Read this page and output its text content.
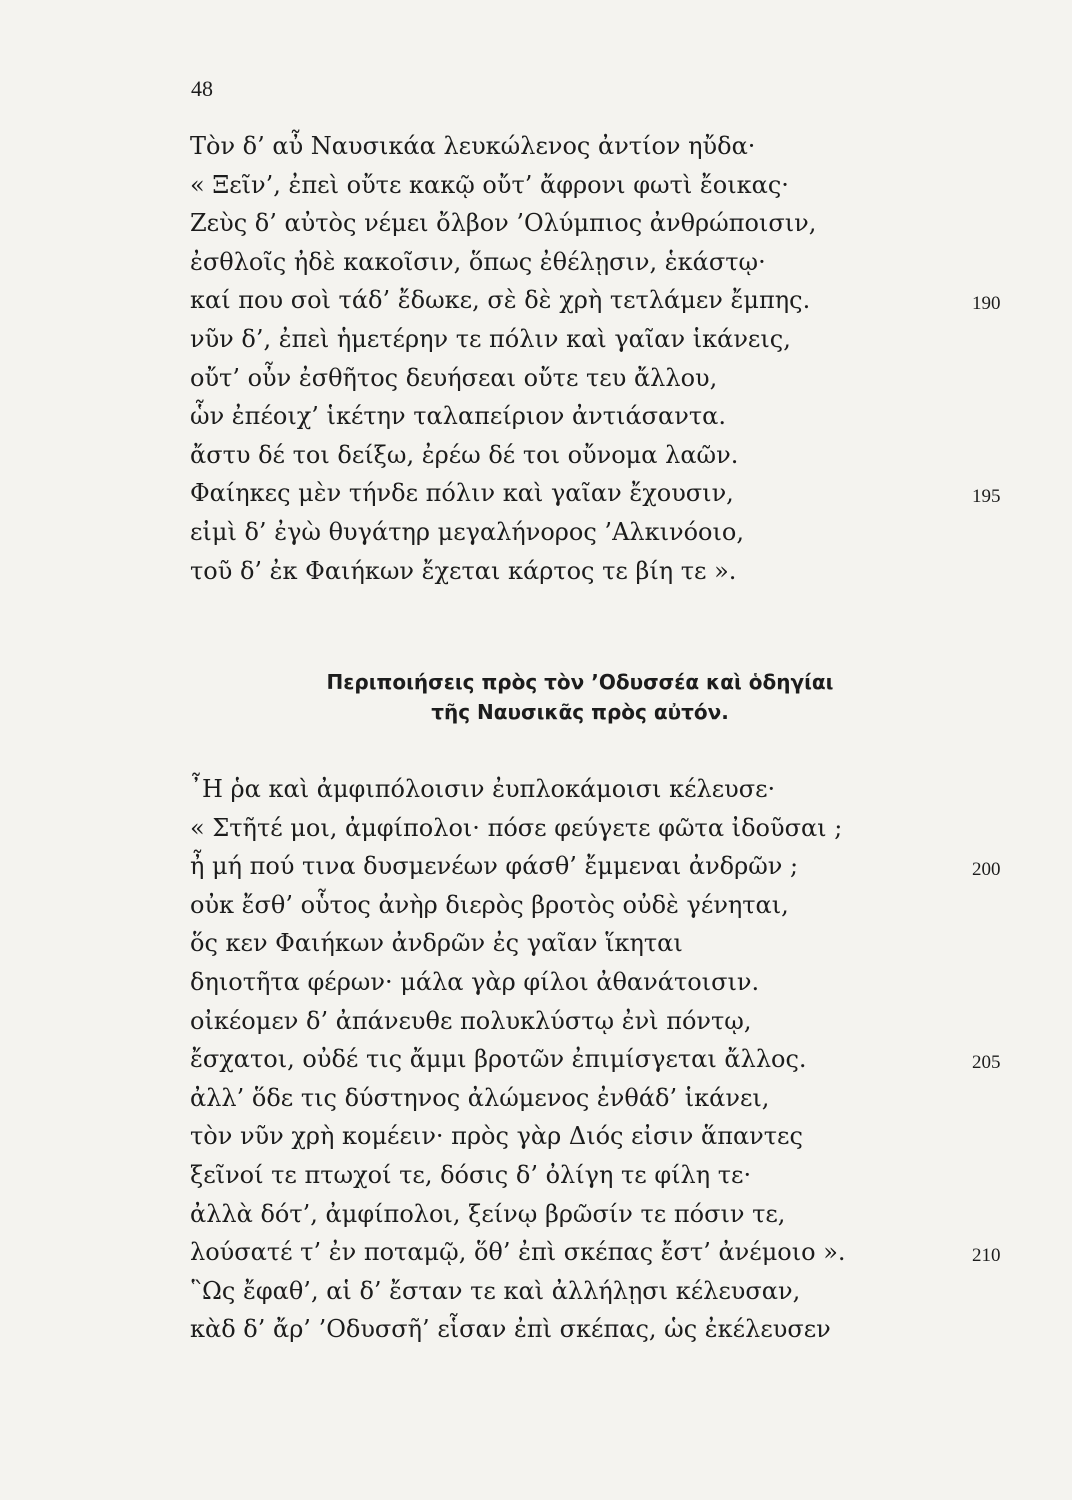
48
Τὸν δ’ αὖ Ναυσικάα λευκώλενος ἀντίον ηὔδα·
« Ξεῖν’, ἐπεὶ οὔτε κακῷ οὔτ’ ἄφρονι φωτὶ ἔοικας·
Ζεὺς δ’ αὐτὸς νέμει ὄλβον ’Ολύμπιος ἀνθρώποισιν,
ἐσθλοῖς ἠδὲ κακοῖσιν, ὅπως ἐθέλῃσιν, ἑκάστῳ·
καί που σοὶ τάδ’ ἔδωκε, σὲ δὲ χρὴ τετλάμεν ἔμπης.	190
νῦν δ’, ἐπεὶ ἡμετέρην τε πόλιν καὶ γαῖαν ἱκάνεις,
οὔτ’ οὖν ἐσθῆτος δευήσεαι οὔτε τευ ἄλλου,
ὧν ἐπέοιχ’ ἱκέτην ταλαπείριον ἀντιάσαντα.
ἄστυ δέ τοι δείξω, ἐρέω δέ τοι οὔνομα λαῶν.
Φαίηκες μὲν τήνδε πόλιν καὶ γαῖαν ἔχουσιν,	195
εἰμὶ δ’ ἐγὼ θυγάτηρ μεγαλήνορος ’Αλκινόοιο,
τοῦ δ’ ἐκ Φαιήκων ἔχεται κάρτος τε βίη τε ».
Περιποιήσεις πρὸς τὸν ’Οδυσσέα καὶ ὁδηγίαι
τῆς Ναυσικᾶς πρὸς αὐτόν.
῏Η ῥα καὶ ἀμφιπόλοισιν ἐυπλοκάμοισι κέλευσε·
« Στῆτέ μοι, ἀμφίπολοι· πόσε φεύγετε φῶτα ἰδοῦσαι ;
ἦ μή πού τινα δυσμενέων φάσθ’ ἔμμεναι ἀνδρῶν ;	200
οὐκ ἔσθ’ οὗτος ἀνὴρ διερὸς βροτὸς οὐδὲ γένηται,
ὅς κεν Φαιήκων ἀνδρῶν ἐς γαῖαν ἵκηται
δηιοτῆτα φέρων· μάλα γὰρ φίλοι ἀθανάτοισιν.
οἰκέομεν δ’ ἀπάνευθε πολυκλύστῳ ἐνὶ πόντῳ,
ἔσχατοι, οὐδέ τις ἄμμι βροτῶν ἐπιμίσγεται ἄλλος.	205
ἀλλ’ ὅδε τις δύστηνος ἀλώμενος ἐνθάδ’ ἱκάνει,
τὸν νῦν χρὴ κομέειν· πρὸς γὰρ Διός εἰσιν ἅπαντες
ξεῖνοί τε πτωχοί τε, δόσις δ’ ὀλίγη τε φίλη τε·
ἀλλὰ δότ’, ἀμφίπολοι, ξείνῳ βρῶσίν τε πόσιν τε,
λούσατέ τ’ ἐν ποταμῷ, ὅθ’ ἐπὶ σκέπας ἔστ’ ἀνέμοιο ».	210
῝Ως ἔφαθ’, αἱ δ’ ἔσταν τε καὶ ἀλλήλῃσι κέλευσαν,
κὰδ δ’ ἄρ’ ’Οδυσσῆ’ εἷσαν ἐπὶ σκέπας, ὡς ἐκέλευσεν
